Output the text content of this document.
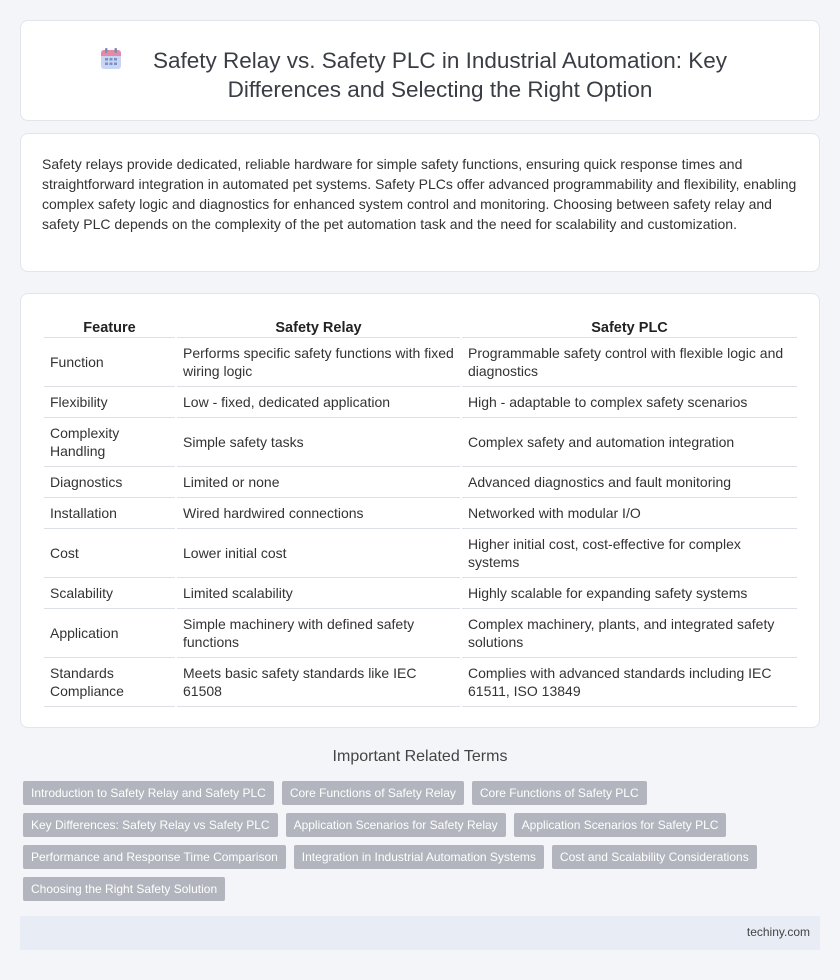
Safety Relay vs. Safety PLC in Industrial Automation: Key Differences and Selecting the Right Option

Safety relays provide dedicated, reliable hardware for simple safety functions, ensuring quick response times and straightforward integration in automated pet systems. Safety PLCs offer advanced programmability and flexibility, enabling complex safety logic and diagnostics for enhanced system control and monitoring. Choosing between safety relay and safety PLC depends on the complexity of the pet automation task and the need for scalability and customization.

Feature	Safety Relay	Safety PLC
Function	Performs specific safety functions with fixed wiring logic	Programmable safety control with flexible logic and diagnostics
Flexibility	Low - fixed, dedicated application	High - adaptable to complex safety scenarios
Complexity Handling	Simple safety tasks	Complex safety and automation integration
Diagnostics	Limited or none	Advanced diagnostics and fault monitoring
Installation	Wired hardwired connections	Networked with modular I/O
Cost	Lower initial cost	Higher initial cost, cost-effective for complex systems
Scalability	Limited scalability	Highly scalable for expanding safety systems
Application	Simple machinery with defined safety functions	Complex machinery, plants, and integrated safety solutions
Standards Compliance	Meets basic safety standards like IEC 61508	Complies with advanced standards including IEC 61511, ISO 13849
Important Related Terms
Introduction to Safety Relay and Safety PLC	Core Functions of Safety Relay	Core Functions of Safety PLC
Key Differences: Safety Relay vs Safety PLC	Application Scenarios for Safety Relay	Application Scenarios for Safety PLC
Performance and Response Time Comparison	Integration in Industrial Automation Systems	Cost and Scalability Considerations
Choosing the Right Safety Solution
techiny.com
